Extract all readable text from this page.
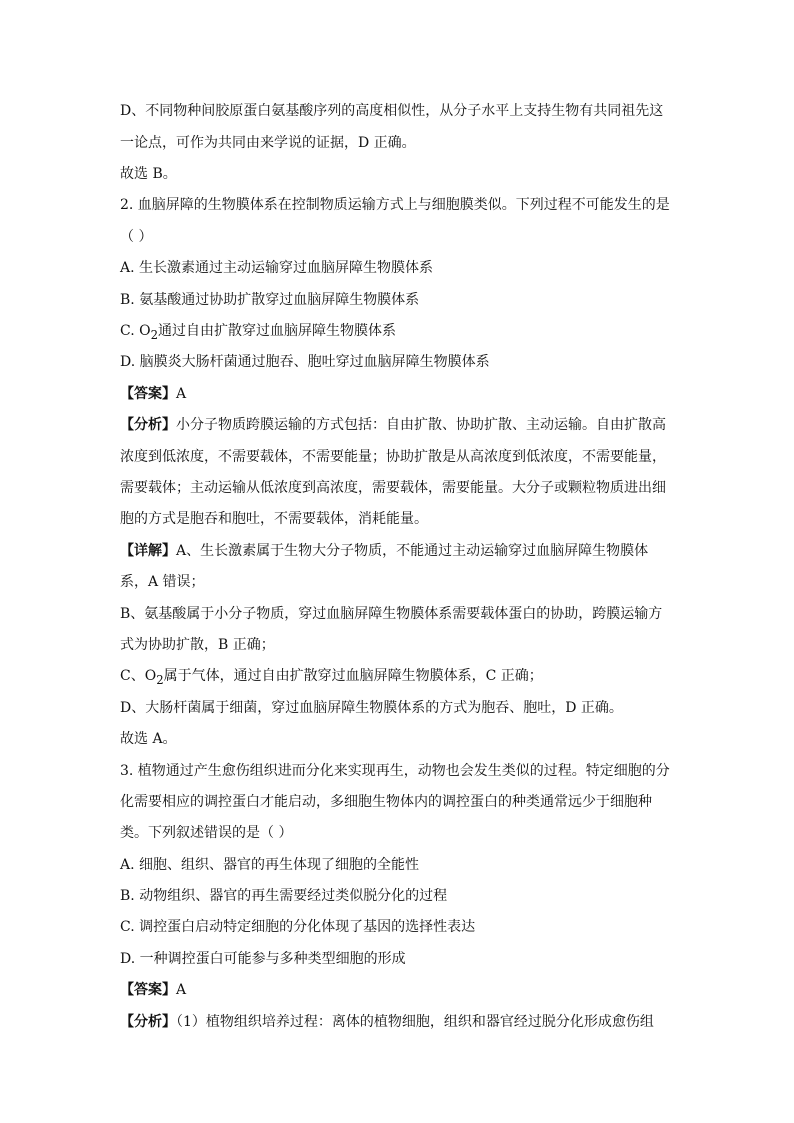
D、不同物种间胶原蛋白氨基酸序列的高度相似性，从分子水平上支持生物有共同祖先这
一论点，可作为共同由来学说的证据，D 正确。
故选 B。
2. 血脑屏障的生物膜体系在控制物质运输方式上与细胞膜类似。下列过程不可能发生的是
（ ）
A. 生长激素通过主动运输穿过血脑屏障生物膜体系
B. 氨基酸通过协助扩散穿过血脑屏障生物膜体系
C. $O_2$通过自由扩散穿过血脑屏障生物膜体系
D. 脑膜炎大肠杆菌通过胞吞、胞吐穿过血脑屏障生物膜体系
【答案】A
【分析】小分子物质跨膜运输的方式包括：自由扩散、协助扩散、主动运输。自由扩散高
浓度到低浓度，不需要载体，不需要能量；协助扩散是从高浓度到低浓度，不需要能量，
需要载体；主动运输从低浓度到高浓度，需要载体，需要能量。大分子或颗粒物质进出细
胞的方式是胞吞和胞吐，不需要载体，消耗能量。
【详解】A、生长激素属于生物大分子物质，不能通过主动运输穿过血脑屏障生物膜体
系，A 错误；
B、氨基酸属于小分子物质，穿过血脑屏障生物膜体系需要载体蛋白的协助，跨膜运输方
式为协助扩散，B 正确；
C、$O_2$属于气体，通过自由扩散穿过血脑屏障生物膜体系，C 正确；
D、大肠杆菌属于细菌，穿过血脑屏障生物膜体系的方式为胞吞、胞吐，D 正确。
故选 A。
3. 植物通过产生愈伤组织进而分化来实现再生，动物也会发生类似的过程。特定细胞的分
化需要相应的调控蛋白才能启动，多细胞生物体内的调控蛋白的种类通常远少于细胞种
类。下列叙述错误的是（ ）
A. 细胞、组织、器官的再生体现了细胞的全能性
B. 动物组织、器官的再生需要经过类似脱分化的过程
C. 调控蛋白启动特定细胞的分化体现了基因的选择性表达
D. 一种调控蛋白可能参与多种类型细胞的形成
【答案】A
【分析】（1）植物组织培养过程：离体的植物细胞，组织和器官经过脱分化形成愈伤组
